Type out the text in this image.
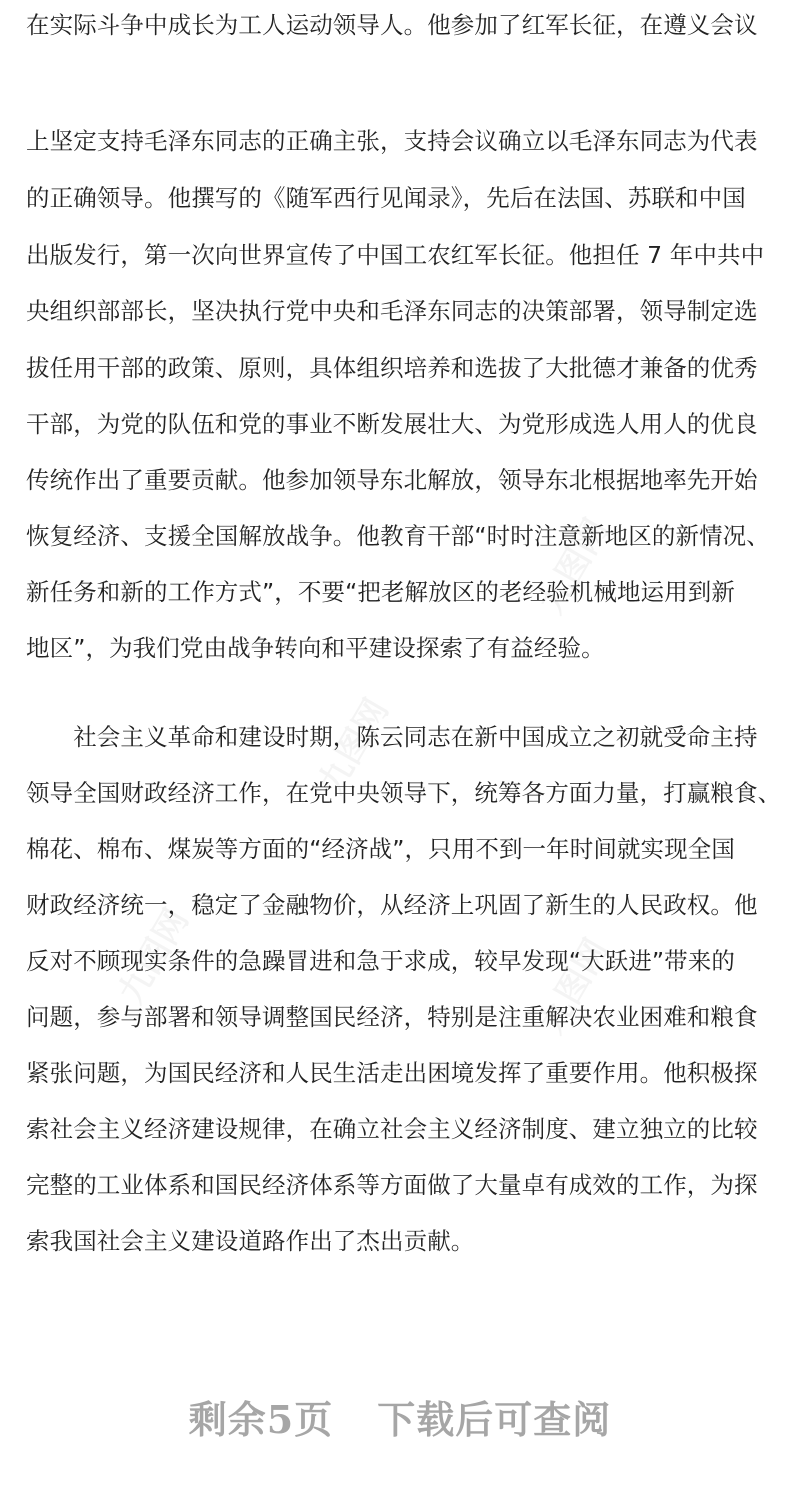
在实际斗争中成长为工人运动领导人。他参加了红军长征，在遵义会议
上坚定支持毛泽东同志的正确主张，支持会议确立以毛泽东同志为代表
的正确领导。他撰写的《随军西行见闻录》，先后在法国、苏联和中国
出版发行，第一次向世界宣传了中国工农红军长征。他担任 7 年中共中
央组织部部长，坚决执行党中央和毛泽东同志的决策部署，领导制定选
拔任用干部的政策、原则，具体组织培养和选拔了大批德才兼备的优秀
干部，为党的队伍和党的事业不断发展壮大、为党形成选人用人的优良
传统作出了重要贡献。他参加领导东北解放，领导东北根据地率先开始
恢复经济、支援全国解放战争。他教育干部“时时注意新地区的新情况、
新任务和新的工作方式”，不要“把老解放区的老经验机械地运用到新
地区”，为我们党由战争转向和平建设探索了有益经验。
　　社会主义革命和建设时期，陈云同志在新中国成立之初就受命主持
领导全国财政经济工作，在党中央领导下，统筹各方面力量，打赢粮食、
棉花、棉布、煤炭等方面的“经济战”，只用不到一年时间就实现全国
财政经济统一，稳定了金融物价，从经济上巩固了新生的人民政权。他
反对不顾现实条件的急躁冒进和急于求成，较早发现“大跃进”带来的
问题，参与部署和领导调整国民经济，特别是注重解决农业困难和粮食
紧张问题，为国民经济和人民生活走出困境发挥了重要作用。他积极探
索社会主义经济建设规律，在确立社会主义经济制度、建立独立的比较
完整的工业体系和国民经济体系等方面做了大量卓有成效的工作，为探
索我国社会主义建设道路作出了杰出贡献。
剩余5页 下载后可查阅
